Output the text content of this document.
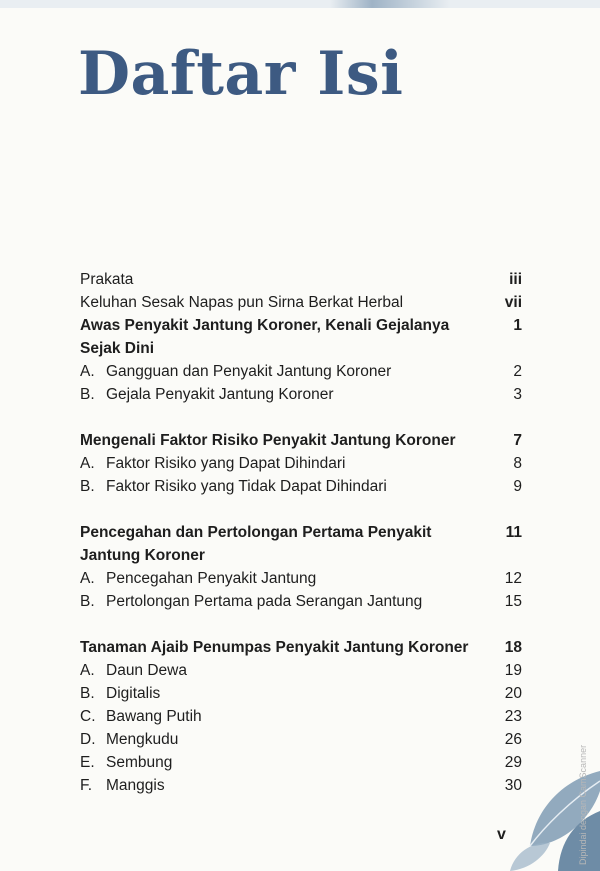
Daftar Isi
Prakata	iii
Keluhan Sesak Napas pun Sirna Berkat Herbal	vii
Awas Penyakit Jantung Koroner, Kenali Gejalanya	1
Sejak Dini
A. Gangguan dan Penyakit Jantung Koroner	2
B. Gejala Penyakit Jantung Koroner	3
Mengenali Faktor Risiko Penyakit Jantung Koroner	7
A. Faktor Risiko yang Dapat Dihindari	8
B. Faktor Risiko yang Tidak Dapat Dihindari	9
Pencegahan dan Pertolongan Pertama Penyakit	11
Jantung Koroner
A. Pencegahan Penyakit Jantung	12
B. Pertolongan Pertama pada Serangan Jantung	15
Tanaman Ajaib Penumpas Penyakit Jantung Koroner	18
A. Daun Dewa	19
B. Digitalis	20
C. Bawang Putih	23
D. Mengkudu	26
E. Sembung	29
F. Manggis	30
v	Dipindai dengan CamScanner
